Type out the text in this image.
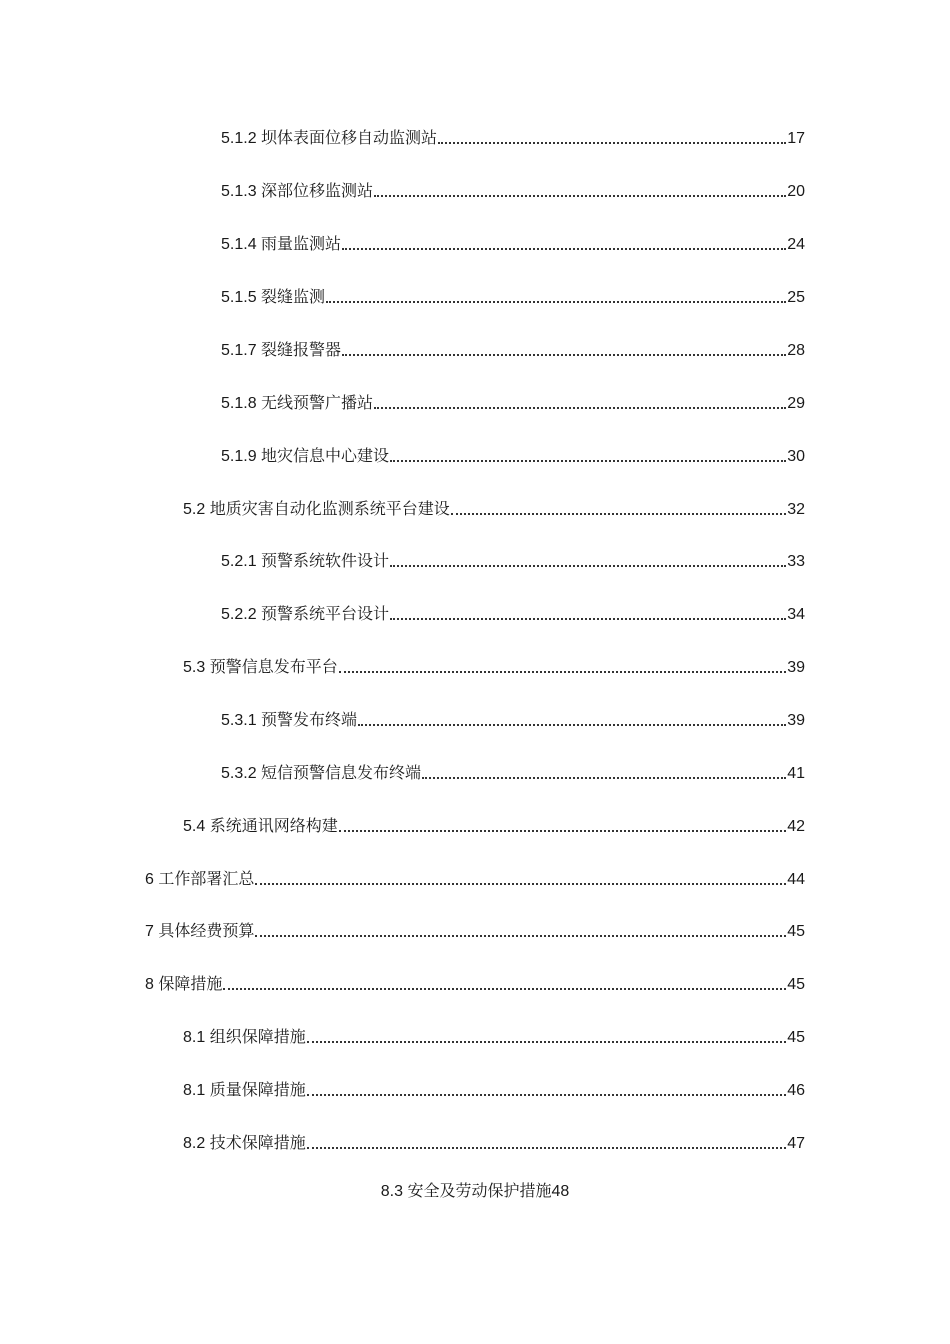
5.1.2 坝体表面位移自动监测站	17
5.1.3 深部位移监测站	20
5.1.4 雨量监测站	24
5.1.5 裂缝监测	25
5.1.7 裂缝报警器	28
5.1.8 无线预警广播站	29
5.1.9 地灾信息中心建设	30
5.2 地质灾害自动化监测系统平台建设	32
5.2.1 预警系统软件设计	33
5.2.2 预警系统平台设计	34
5.3 预警信息发布平台	39
5.3.1 预警发布终端	39
5.3.2 短信预警信息发布终端	41
5.4 系统通讯网络构建	42
6 工作部署汇总	44
7 具体经费预算	45
8 保障措施	45
8.1 组织保障措施	45
8.1 质量保障措施	46
8.2 技术保障措施	47
8.3 安全及劳动保护措施48
